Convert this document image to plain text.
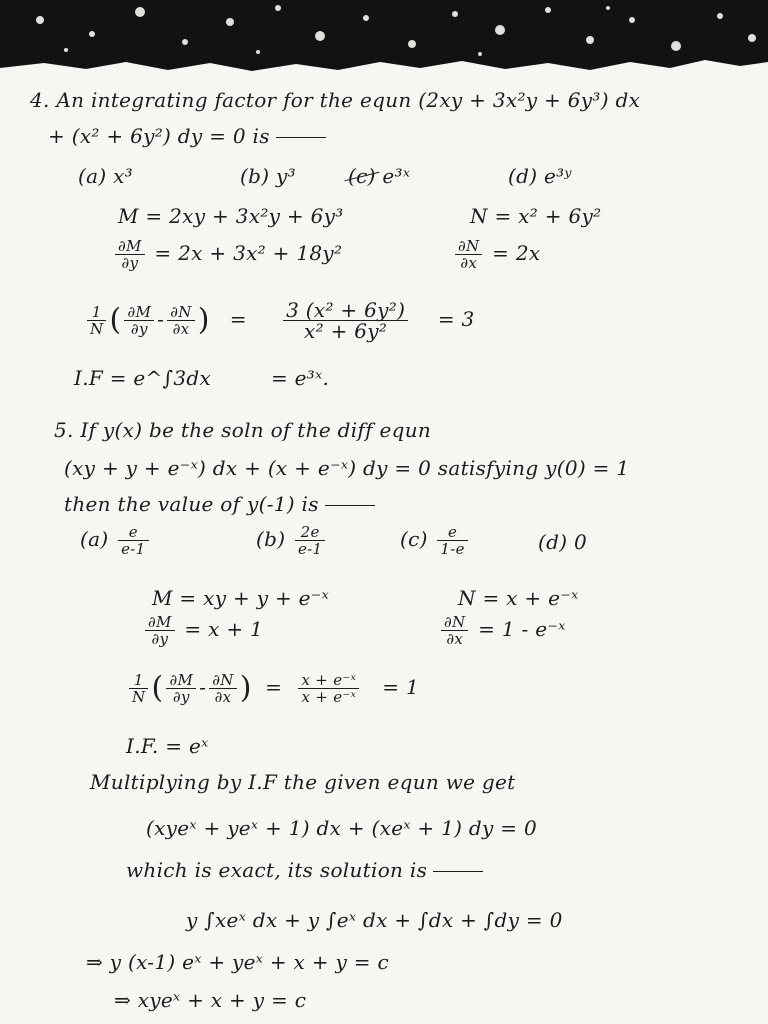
4. An integrating factor for the equn (2xy + 3x²y + 6y³) dx
+ (x² + 6y²) dy = 0 is
(a) x³	(b) y³	(c) e³ˣ	(d) e³ʸ
M = 2xy + 3x²y + 6y³	N = x² + 6y²
$\frac{\partial M}{\partial y} = 2x + 3x^2 + 18y^2$	$\frac{\partial N}{\partial x} = 2x$
$\frac{1}{N}$ ( $\frac{\partial M}{\partial y} - \frac{\partial N}{\partial x}$ ) = $\frac{\text{3 (x² + 6y²)}}{\text{x² + 6y²}} = 3$
I.F = e^∫3dx	= e³ˣ.
5. If y(x) be the soln of the diff equn
(xy + y + e⁻ˣ) dx + (x + e⁻ˣ) dy = 0 satisfying y(0) = 1
then the value of y(-1) is
$(a) \frac{e}{e-1}$	$(b) \frac{2e}{e-1}$	$(c) \frac{e}{1-e}$	(d) 0
M = xy + y + e⁻ˣ	N = x + e⁻ˣ
$\frac{\partial M}{\partial y} = x + 1$	$\frac{\partial N}{\partial x} = 1$ - e⁻ˣ
$\frac{1}{N}$ ( $\frac{\partial M}{\partial y} - \frac{\partial N}{\partial x}$ ) = $\frac{\text{x + e⁻ˣ}}{\text{x + e⁻ˣ}} = 1$
I.F. = eˣ
Multiplying by I.F the given equn we get
(xyeˣ + yeˣ + 1) dx + (xeˣ + 1) dy = 0
which is exact, its solution is
y ∫xeˣ dx + y ∫eˣ dx + ∫dx + ∫dy = 0
⇒ y (x-1) eˣ + yeˣ + x + y = c
⇒ xyeˣ + x + y = c
